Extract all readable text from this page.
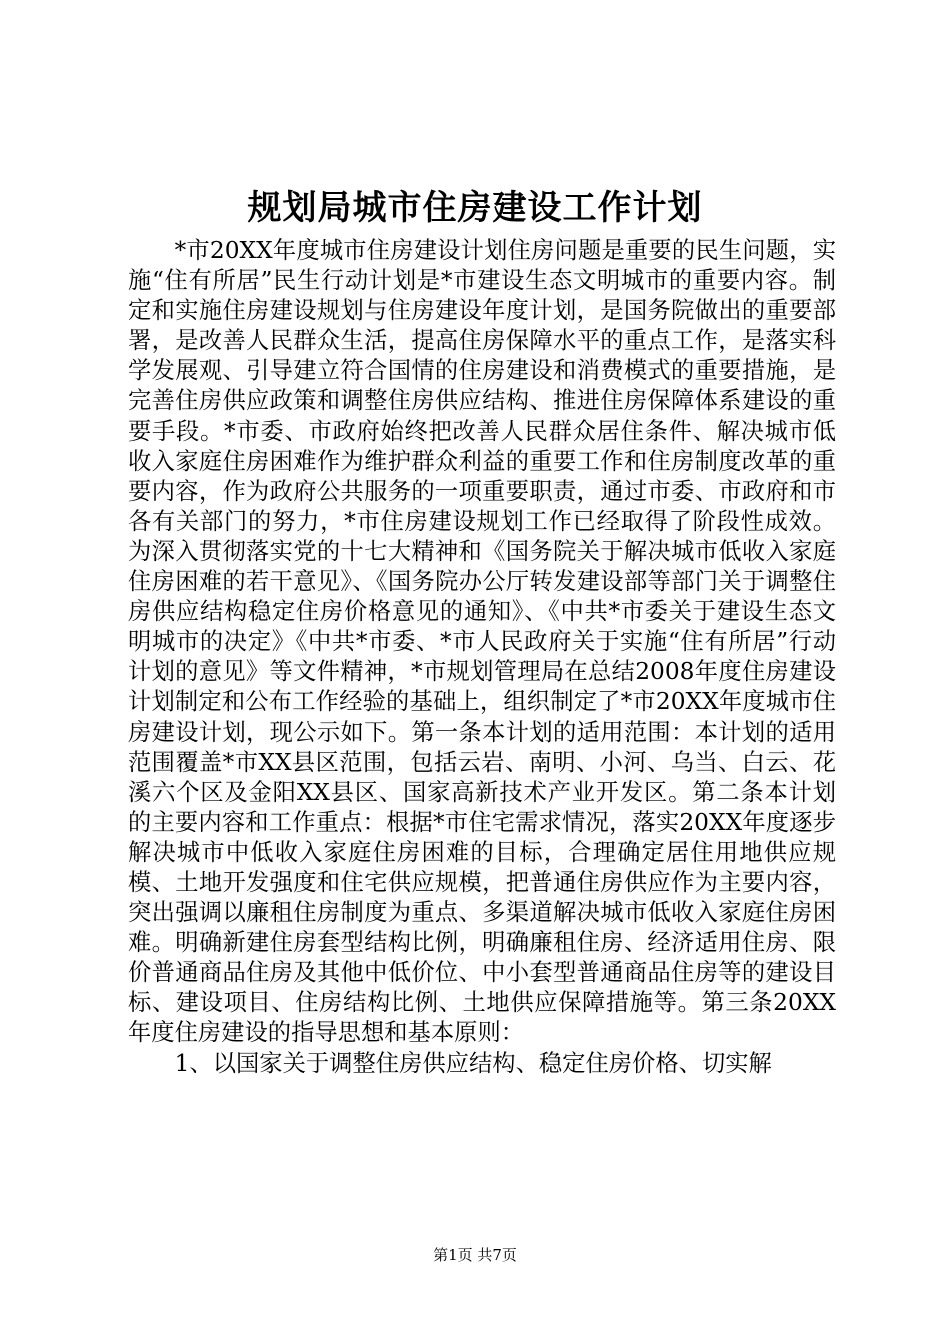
规划局城市住房建设工作计划

*市20XX年度城市住房建设计划住房问题是重要的民生问题，实施“住有所居”民生行动计划是*市建设生态文明城市的重要内容。制定和实施住房建设规划与住房建设年度计划，是国务院做出的重要部署，是改善人民群众生活，提高住房保障水平的重点工作，是落实科学发展观、引导建立符合国情的住房建设和消费模式的重要措施，是完善住房供应政策和调整住房供应结构、推进住房保障体系建设的重要手段。*市委、市政府始终把改善人民群众居住条件、解决城市低收入家庭住房困难作为维护群众利益的重要工作和住房制度改革的重要内容，作为政府公共服务的一项重要职责，通过市委、市政府和市各有关部门的努力，*市住房建设规划工作已经取得了阶段性成效。为深入贯彻落实党的十七大精神和《国务院关于解决城市低收入家庭住房困难的若干意见》、《国务院办公厅转发建设部等部门关于调整住房供应结构稳定住房价格意见的通知》、《中共*市委关于建设生态文明城市的决定》《中共*市委、*市人民政府关于实施“住有所居”行动计划的意见》等文件精神，*市规划管理局在总结2008年度住房建设计划制定和公布工作经验的基础上，组织制定了*市20XX年度城市住房建设计划，现公示如下。第一条本计划的适用范围：本计划的适用范围覆盖*市XX县区范围，包括云岩、南明、小河、乌当、白云、花溪六个区及金阳XX县区、国家高新技术产业开发区。第二条本计划的主要内容和工作重点：根据*市住宅需求情况，落实20XX年度逐步解决城市中低收入家庭住房困难的目标，合理确定居住用地供应规模、土地开发强度和住宅供应规模，把普通住房供应作为主要内容，突出强调以廉租住房制度为重点、多渠道解决城市低收入家庭住房困难。明确新建住房套型结构比例，明确廉租住房、经济适用住房、限价普通商品住房及其他中低价位、中小套型普通商品住房等的建设目标、建设项目、住房结构比例、土地供应保障措施等。第三条20XX年度住房建设的指导思想和基本原则：

1、以国家关于调整住房供应结构、稳定住房价格、切实解

第1页 共7页
